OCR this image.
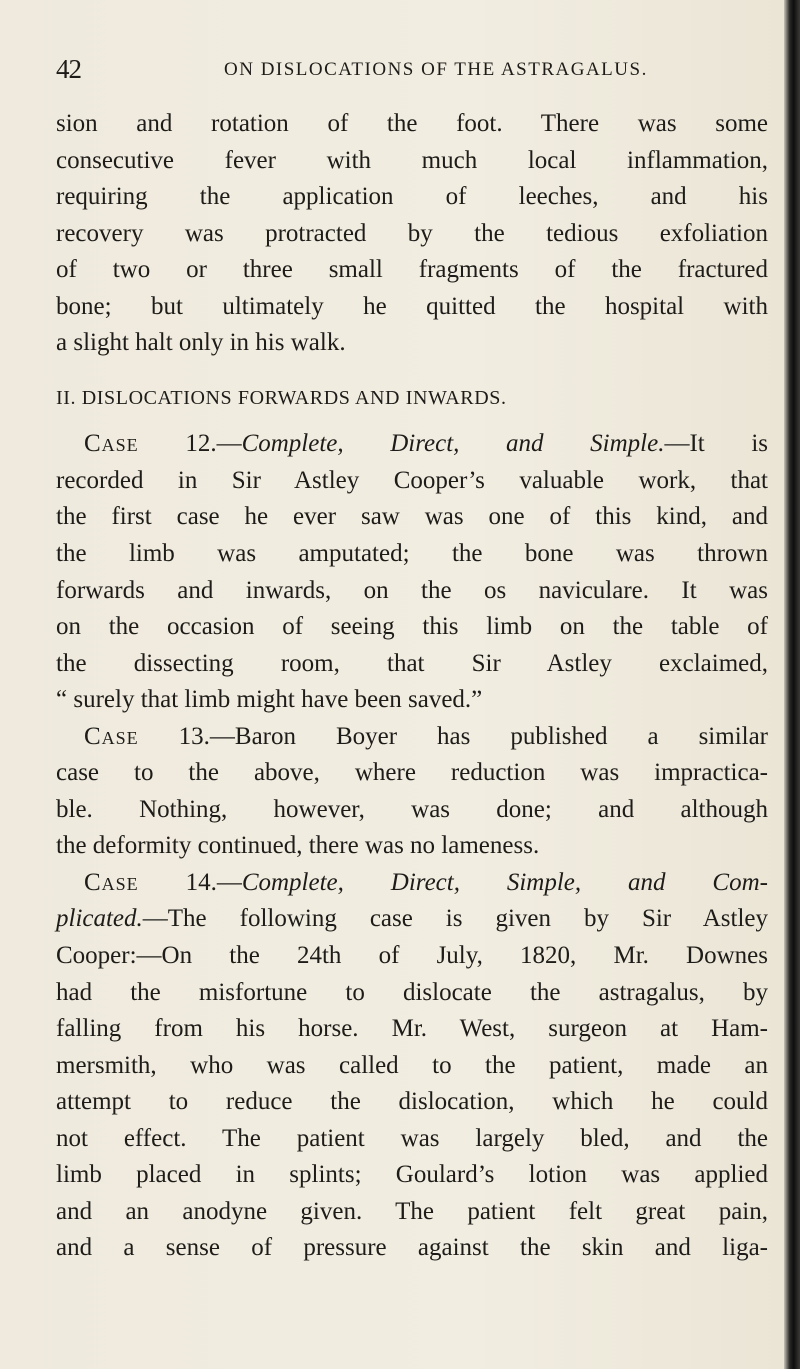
42	ON DISLOCATIONS OF THE ASTRAGALUS.
sion and rotation of the foot. There was some
consecutive fever with much local inflammation,
requiring the application of leeches, and his
recovery was protracted by the tedious exfoliation
of two or three small fragments of the fractured
bone; but ultimately he quitted the hospital with
a slight halt only in his walk.
II. DISLOCATIONS FORWARDS AND INWARDS.
Case 12.—Complete, Direct, and Simple.—It is
recorded in Sir Astley Cooper’s valuable work, that
the first case he ever saw was one of this kind, and
the limb was amputated; the bone was thrown
forwards and inwards, on the os naviculare. It was
on the occasion of seeing this limb on the table of
the dissecting room, that Sir Astley exclaimed,
“ surely that limb might have been saved.”
Case 13.—Baron Boyer has published a similar
case to the above, where reduction was impractica-
ble. Nothing, however, was done; and although
the deformity continued, there was no lameness.
Case 14.—Complete, Direct, Simple, and Com-
plicated.—The following case is given by Sir Astley
Cooper:—On the 24th of July, 1820, Mr. Downes
had the misfortune to dislocate the astragalus, by
falling from his horse. Mr. West, surgeon at Ham-
mersmith, who was called to the patient, made an
attempt to reduce the dislocation, which he could
not effect. The patient was largely bled, and the
limb placed in splints; Goulard’s lotion was applied
and an anodyne given. The patient felt great pain,
and a sense of pressure against the skin and liga-
